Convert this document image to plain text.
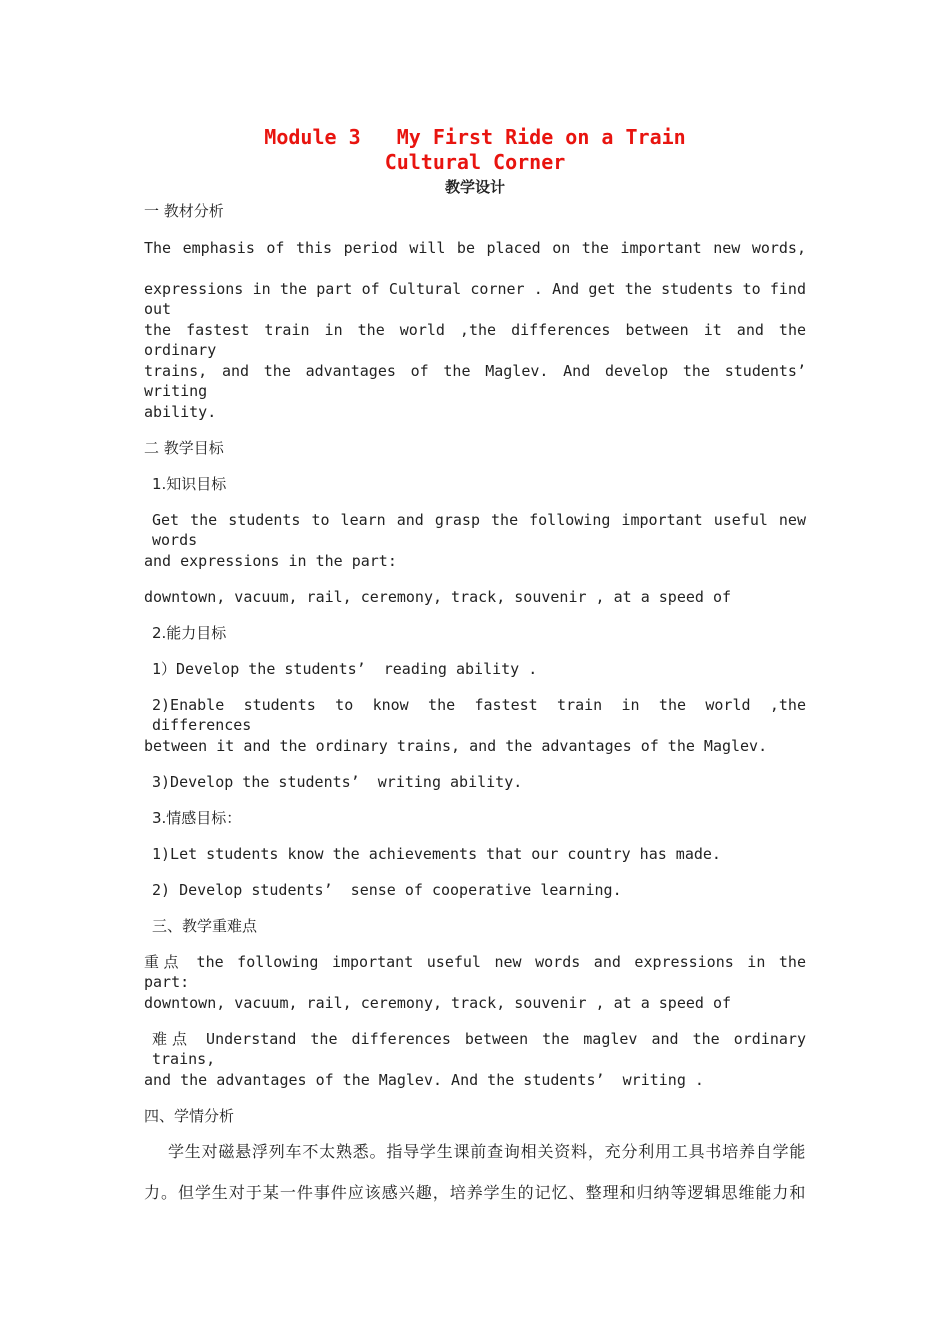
Module 3   My First Ride on a Train
Cultural Corner
教学设计
一 教材分析
The emphasis of this period will be placed on the important new words,
expressions in the part of Cultural corner . And get the students to find out
the fastest train in the world ,the differences between it and the ordinary
trains, and the advantages of the Maglev. And develop the students’ writing
ability.
二 教学目标
1.知识目标
Get the students to learn and grasp the following important useful new words
and expressions in the part:
downtown, vacuum, rail, ceremony, track, souvenir , at a speed of
2.能力目标
1）Develop the students’  reading ability .
2)Enable students to know the fastest train in the world ,the differences
between it and the ordinary trains, and the advantages of the Maglev.
3)Develop the students’  writing ability.
3.情感目标：
1)Let students know the achievements that our country has made.
2) Develop students’  sense of cooperative learning.
三、教学重难点
重点 the following important useful new words and expressions in the part:
downtown, vacuum, rail, ceremony, track, souvenir , at a speed of
难点 Understand the differences between the maglev and the ordinary trains,
and the advantages of the Maglev. And the students’  writing .
四、学情分析
学生对磁悬浮列车不太熟悉。指导学生课前查询相关资料，充分利用工具书培养自学能
力。但学生对于某一件事件应该感兴趣，培养学生的记忆、整理和归纳等逻辑思维能力和
